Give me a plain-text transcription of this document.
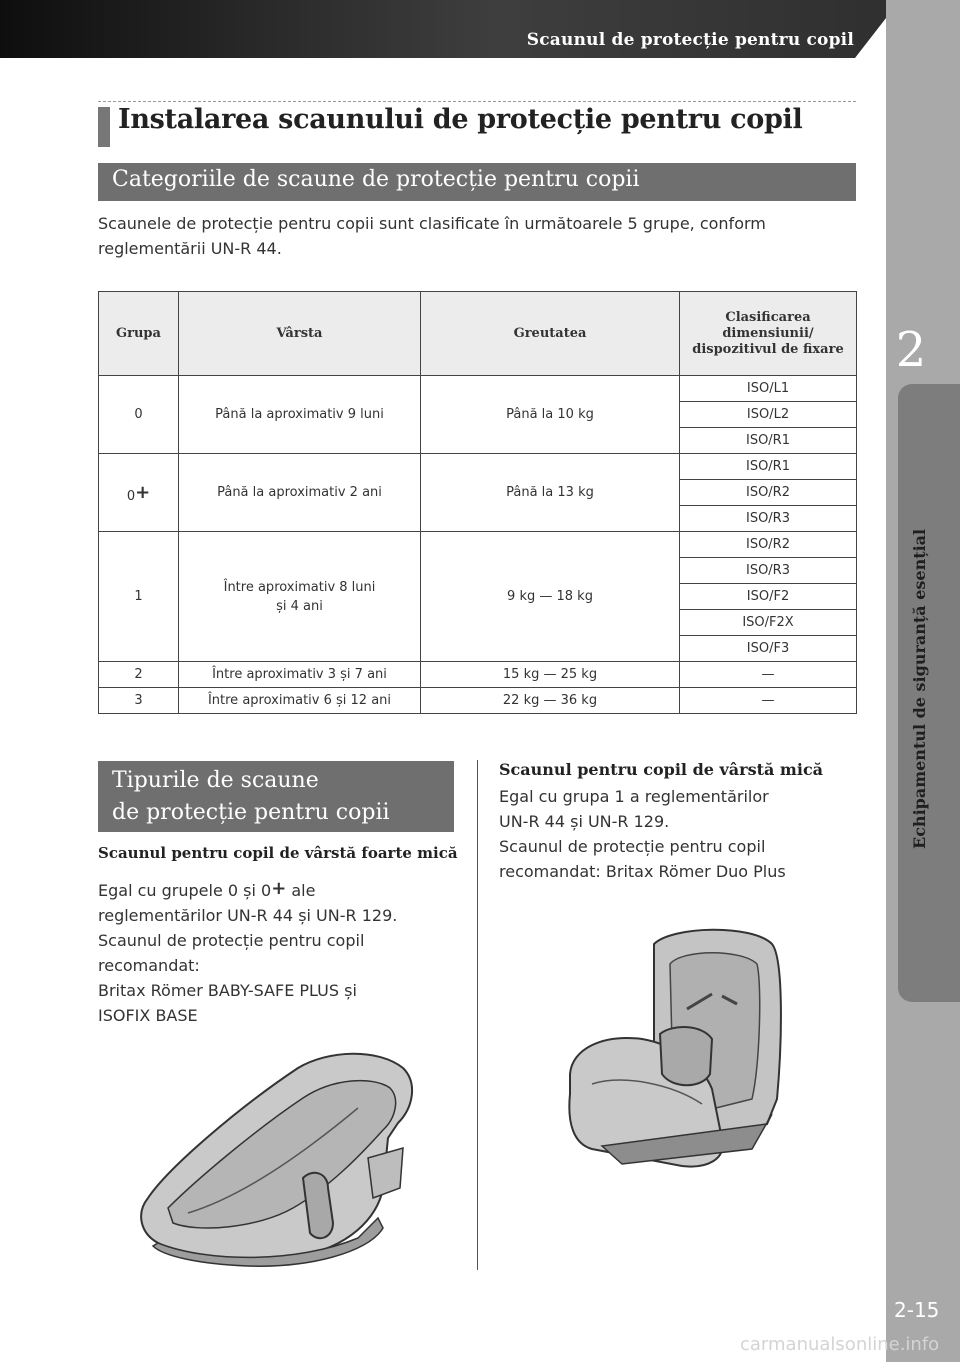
Scaunul de protecție pentru copil
2
Echipamentul de siguranță esențial
2-15
carmanualsonline.info
Instalarea scaunului de protecție pentru copil
Categoriile de scaune de protecție pentru copii
Scaunele de protecție pentru copii sunt clasificate în următoarele 5 grupe, conform reglementării UN-R 44.
Grupa	Vârsta	Greutatea	Clasificarea dimensiunii/ dispozitivul de fixare
0	Până la aproximativ 9 luni	Până la 10 kg	ISO/L1
			ISO/L2
			ISO/R1
0+	Până la aproximativ 2 ani	Până la 13 kg	ISO/R1
			ISO/R2
			ISO/R3
1	Între aproximativ 8 luni și 4 ani	9 kg — 18 kg	ISO/R2
			ISO/R3
			ISO/F2
			ISO/F2X
			ISO/F3
2	Între aproximativ 3 și 7 ani	15 kg — 25 kg	—
3	Între aproximativ 6 și 12 ani	22 kg — 36 kg	—
Tipurile de scaune
de protecție pentru copii
Scaunul pentru copil de vârstă foarte mică
Egal cu grupele 0 și 0+ ale
reglementărilor UN-R 44 și UN-R 129.
Scaunul de protecție pentru copil
recomandat:
Britax Römer BABY-SAFE PLUS și
ISOFIX BASE
Scaunul pentru copil de vârstă mică
Egal cu grupa 1 a reglementărilor
UN-R 44 și UN-R 129.
Scaunul de protecție pentru copil
recomandat: Britax Römer Duo Plus
